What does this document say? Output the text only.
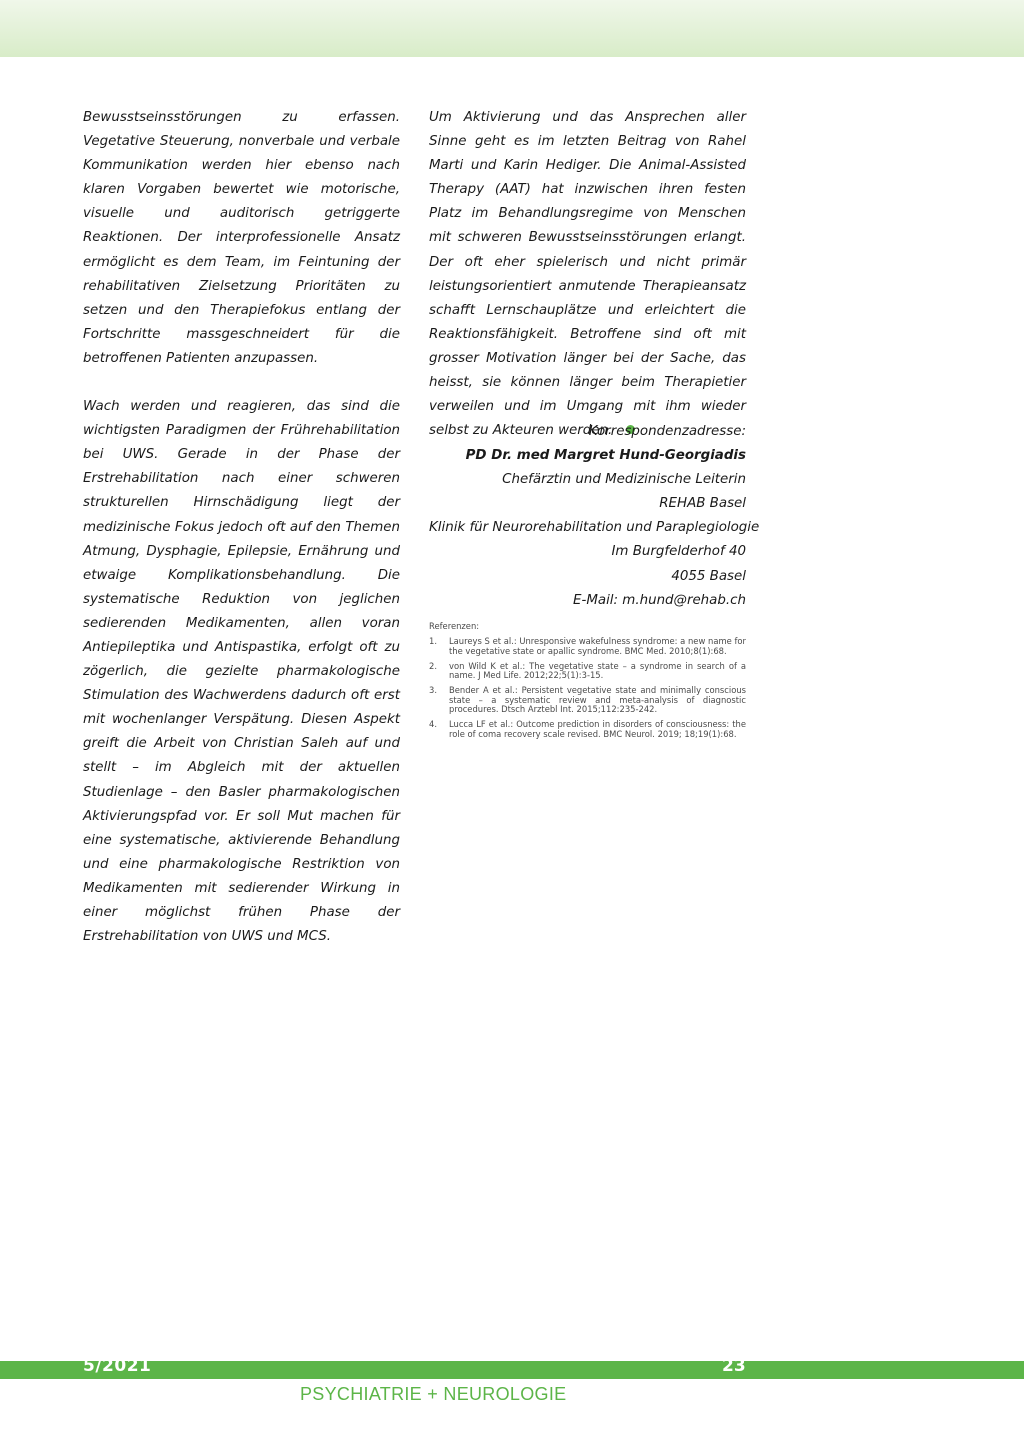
Bewusstseinsstörungen zu erfassen. Vegetative Steuerung, nonverbale und verbale Kommunikation werden hier ebenso nach klaren Vorgaben bewertet wie motorische, visuelle und auditorisch getriggerte Reaktionen. Der interprofessionelle Ansatz ermöglicht es dem Team, im Feintuning der rehabilitativen Zielsetzung Prioritäten zu setzen und den Therapiefokus entlang der Fortschritte massgeschneidert für die betroffenen Patienten anzupassen.

Wach werden und reagieren, das sind die wichtigsten Paradigmen der Frührehabilitation bei UWS. Gerade in der Phase der Erstrehabilitation nach einer schweren strukturellen Hirnschädigung liegt der medizinische Fokus jedoch oft auf den Themen Atmung, Dysphagie, Epilepsie, Ernährung und etwaige Komplikationsbehandlung. Die systematische Reduktion von jeglichen sedierenden Medikamenten, allen voran Antiepileptika und Antispastika, erfolgt oft zu zögerlich, die gezielte pharmakologische Stimulation des Wachwerdens dadurch oft erst mit wochenlanger Verspätung. Diesen Aspekt greift die Arbeit von Christian Saleh auf und stellt – im Abgleich mit der aktuellen Studienlage – den Basler pharmakologischen Aktivierungspfad vor. Er soll Mut machen für eine systematische, aktivierende Behandlung und eine pharmakologische Restriktion von Medikamenten mit sedierender Wirkung in einer möglichst frühen Phase der Erstrehabilitation von UWS und MCS.

Um Aktivierung und das Ansprechen aller Sinne geht es im letzten Beitrag von Rahel Marti und Karin Hediger. Die Animal-Assisted Therapy (AAT) hat inzwischen ihren festen Platz im Behandlungsregime von Menschen mit schweren Bewusstseinsstörungen erlangt. Der oft eher spielerisch und nicht primär leistungsorientiert anmutende Therapieansatz schafft Lernschauplätze und erleichtert die Reaktionsfähigkeit. Betroffene sind oft mit grosser Motivation länger bei der Sache, das heisst, sie können länger beim Therapietier verweilen und im Umgang mit ihm wieder selbst zu Akteuren werden.

Korrespondenzadresse:
PD Dr. med Margret Hund-Georgiadis
Chefärztin und Medizinische Leiterin
REHAB Basel
Klinik für Neurorehabilitation und Paraplegiologie
Im Burgfelderhof 40
4055 Basel
E-Mail: m.hund@rehab.ch
Referenzen:
1.	Laureys S et al.: Unresponsive wakefulness syndrome: a new name for the vegetative state or apallic syndrome. BMC Med. 2010;8(1):68.
2.	von Wild K et al.: The vegetative state – a syndrome in search of a name. J Med Life. 2012;22;5(1):3-15.
3.	Bender A et al.: Persistent vegetative state and minimally conscious state – a systematic review and meta-analysis of diagnostic procedures. Dtsch Arztebl Int. 2015;112:235-242.
4.	Lucca LF et al.: Outcome prediction in disorders of consciousness: the role of coma recovery scale revised. BMC Neurol. 2019; 18;19(1):68.
5/2021	23
PSYCHIATRIE + NEUROLOGIE
